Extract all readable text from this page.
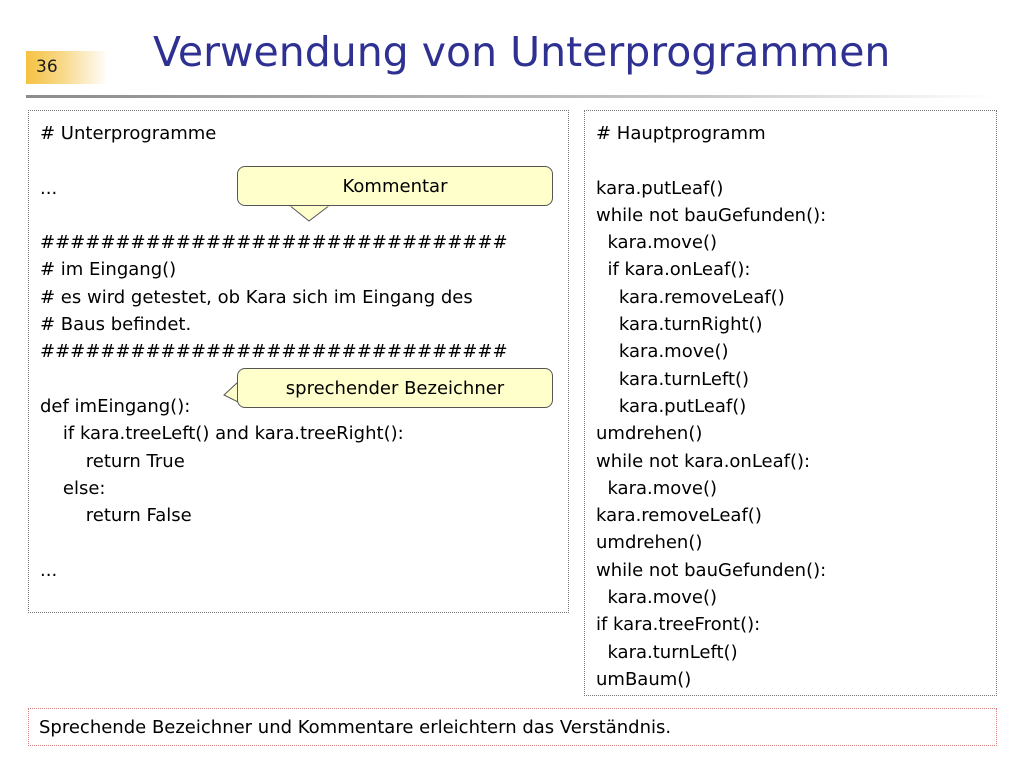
36 Verwendung von Unterprogrammen
# Unterprogramme

...

###############################
# im Eingang()
# es wird getestet, ob Kara sich im Eingang des
# Baus befindet.
###############################

def imEingang():
if kara.treeLeft() and kara.treeRight():
return True
else:
return False

...
# Hauptprogramm

kara.putLeaf()
while not bauGefunden():
kara.move()
if kara.onLeaf():
kara.removeLeaf()
kara.turnRight()
kara.move()
kara.turnLeft()
kara.putLeaf()
umdrehen()
while not kara.onLeaf():
kara.move()
kara.removeLeaf()
umdrehen()
while not bauGefunden():
kara.move()
if kara.treeFront():
kara.turnLeft()
umBaum()
Kommentar
sprechender Bezeichner
Sprechende Bezeichner und Kommentare erleichtern das Verständnis.
